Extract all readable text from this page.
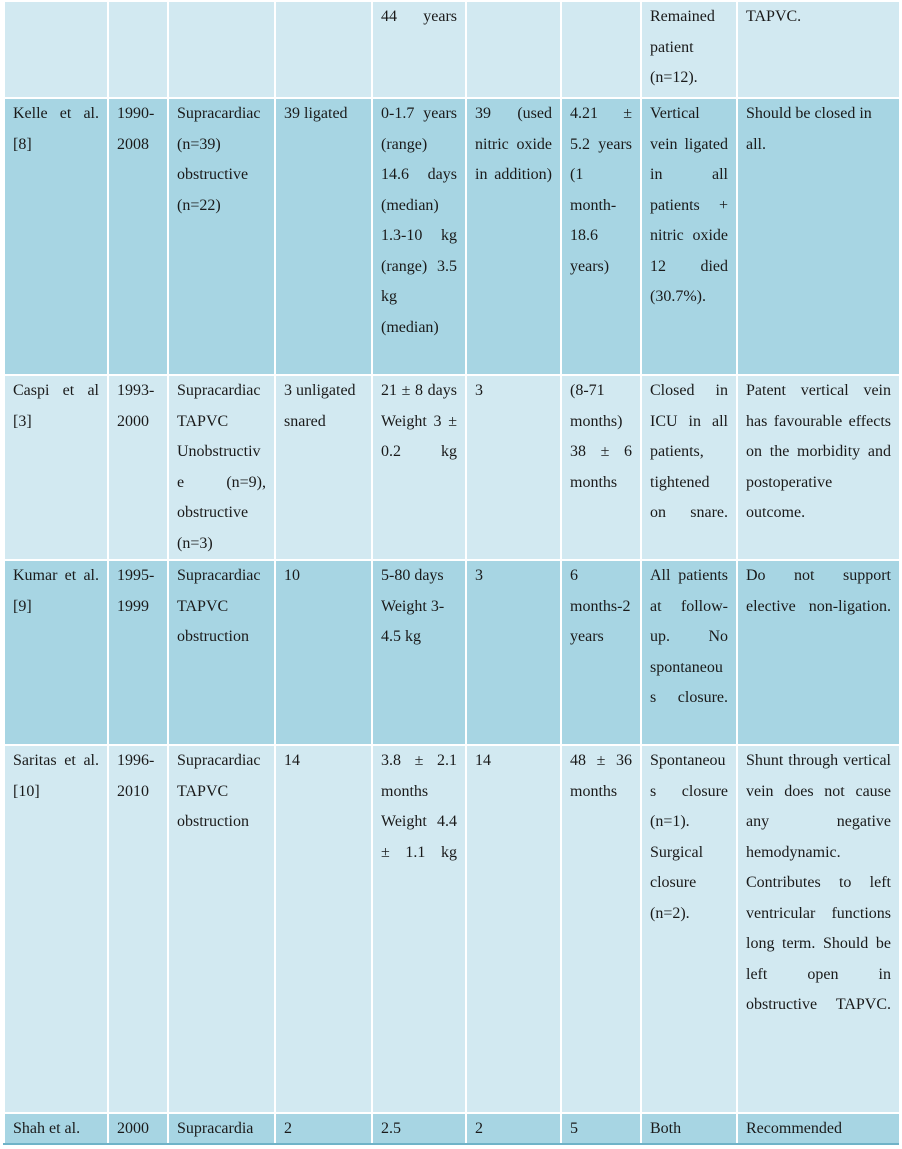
				44 years			Remained patient (n=12).	TAPVC.
Kelle et al. [8]	1990-2008	Supracardiac (n=39) obstructive (n=22)	39 ligated	0-1.7 years (range) 14.6 days (median) 1.3-10 kg (range) 3.5 kg (median)	39 (used nitric oxide in addition)	4.21 ± 5.2 years (1 month-18.6 years)	Vertical vein ligated in all patients + nitric oxide 12 died (30.7%).	Should be closed in all.
Caspi et al [3]	1993-2000	Supracardiac TAPVC Unobstructive (n=9), obstructive (n=3)	3 unligated snared	21 ± 8 days Weight 3 ± 0.2 kg	3	(8-71 months) 38 ± 6 months	Closed in ICU in all patients, tightened on snare.	Patent vertical vein has favourable effects on the morbidity and postoperative outcome.
Kumar et al. [9]	1995-1999	Supracardiac TAPVC obstruction	10	5-80 days Weight 3-4.5 kg	3	6 months-2 years	All patients at follow-up. No spontaneous closure.	Do not support elective non-ligation.
Saritas et al. [10]	1996-2010	Supracardiac TAPVC obstruction	14	3.8 ± 2.1 months Weight 4.4 ± 1.1 kg	14	48 ± 36 months	Spontaneous closure (n=1). Surgical closure (n=2).	Shunt through vertical vein does not cause any negative hemodynamic. Contributes to left ventricular functions long term. Should be left open in obstructive TAPVC.
Shah et al.	2000	Supracardia	2	2.5	2	5	Both	Recommended
